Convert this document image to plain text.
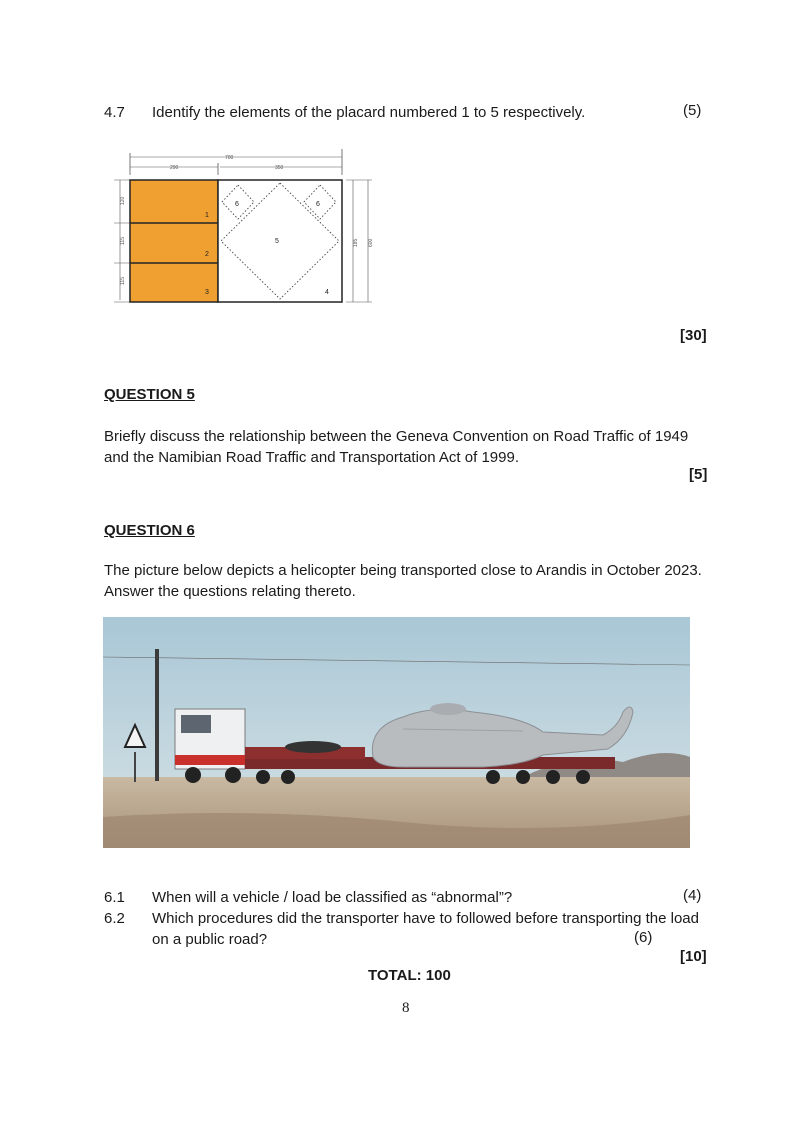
4.7	Identify the elements of the placard numbered 1 to 5 respectively.	(5)
700
290	350
120
115
115
1
2
3
6	6
5
4
185 600
[30]
QUESTION 5
Briefly discuss the relationship between the Geneva Convention on Road Traffic of 1949 and the Namibian Road Traffic and Transportation Act of 1999.
[5]
QUESTION 6
The picture below depicts a helicopter being transported close to Arandis in October 2023. Answer the questions relating thereto.
6.1 When will a vehicle / load be classified as “abnormal”?	(4)
6.2 Which procedures did the transporter have to followed before transporting the load
on a public road?	(6)
[10]
TOTAL: 100
8
